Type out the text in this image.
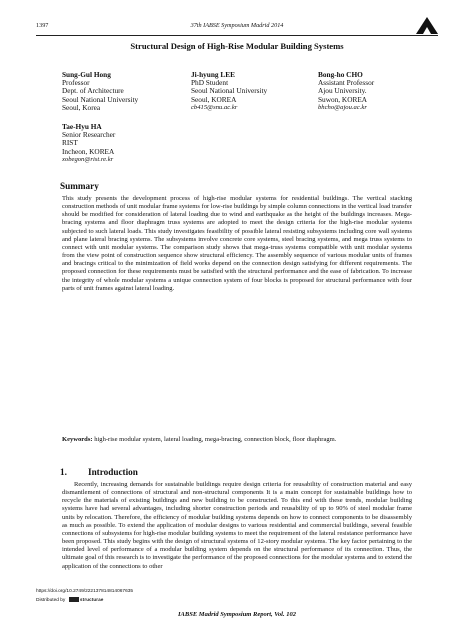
1397	37th IABSE Symposium Madrid 2014
Structural Design of High-Rise Modular Building Systems
Sung-Gul Hong
Professor
Dept. of Architecture
Seoul National University
Seoul, Korea
Ji-hyung LEE
PhD Student
Seoul National University
Seoul, KOREA
cb415@snu.ac.kr
Bong-ho CHO
Assistant Professor
Ajou University.
Suwon, KOREA
bhcho@ajou.ac.kr
Tae-Hyu HA
Senior Researcher
RIST
Incheon, KOREA
xobegon@rist.re.kr
Summary

This study presents the development process of high-rise modular systems for residential buildings. The vertical stacking construction methods of unit modular frame systems for low-rise buildings by simple column connections in the vertical load transfer should be modified for consideration of lateral loading due to wind and earthquake as the height of the buildings increases. Mega-bracing systems and floor diaphragm truss systems are adopted to meet the design criteria for the high-rise modular systems subjected to such lateral loads. This study investigates feasibility of possible lateral resisting subsystems including core wall systems and plane lateral bracing systems. The subsystems involve concrete core systems, steel bracing systems, and mega truss systems to connect with unit modular systems. The comparison study shows that mega-truss systems compatible with unit modular systems from the view point of construction sequence show structural efficiency. The assembly sequence of various modular units of frames and bracings critical to the minimization of field works depend on the connection design satisfying for different requirements. The proposed connection for these requirements must be satisfied with the structural performance and the ease of fabrication. To increase the integrity of whole modular systems a unique connection system of four blocks is proposed for structural performance with four parts of unit frames against lateral loading.

Keywords: high-rise modular system, lateral loading, mega-bracing, connection block, floor diaphragm.
1. Introduction

Recently, increasing demands for sustainable buildings require design criteria for reusability of construction material and easy dismantlement of connections of structural and non-structural components It is a main concept for sustainable buildings how to recycle the materials of existing buildings and new building to be constructed. To this end with these trends, modular building systems have had several advantages, including shorter construction periods and reusability of up to 90% of steel modular frame units by relocation. Therefore, the efficiency of modular building systems depends on how to connect components to be disassembly as much as possible. To extend the application of modular designs to various residential and commercial buildings, several feasible connections of subsystems for high-rise modular building systems to meet the requirement of the lateral resistance performance have been proposed. This study begins with the design of structural systems of 12-story modular systems. The key factor pertaining to the intended level of performance of a modular building system depends on the structural performance of its connection. Thus, the ultimate goal of this research is to investigate the performance of the proposed connections for the modular systems and to extend the application of the connections to other

https://doi.org/10.2749/222137814814067635
Distributed by	structurae
IABSE Madrid Symposium Report, Vol. 102
